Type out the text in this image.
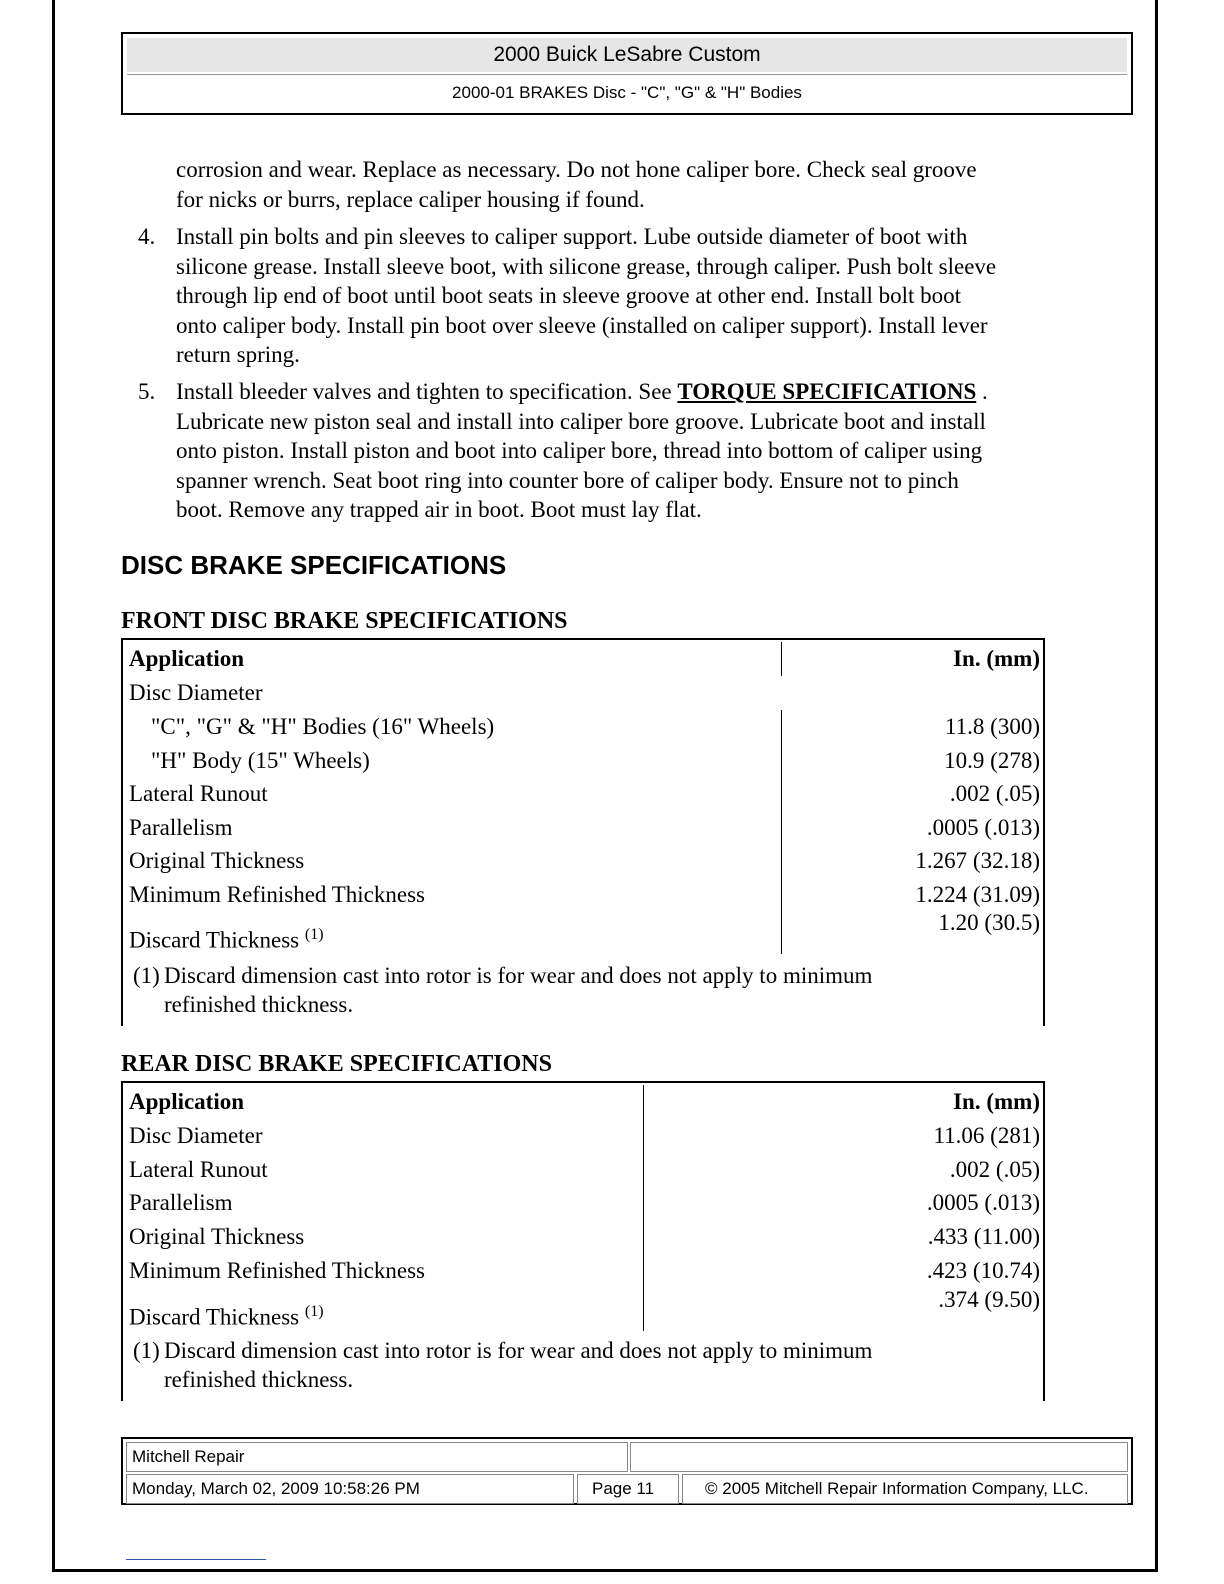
2000 Buick LeSabre Custom
2000-01 BRAKES Disc - "C", "G" & "H" Bodies
corrosion and wear. Replace as necessary. Do not hone caliper bore. Check seal groove
for nicks or burrs, replace caliper housing if found.
4. Install pin bolts and pin sleeves to caliper support. Lube outside diameter of boot with
silicone grease. Install sleeve boot, with silicone grease, through caliper. Push bolt sleeve
through lip end of boot until boot seats in sleeve groove at other end. Install bolt boot
onto caliper body. Install pin boot over sleeve (installed on caliper support). Install lever
return spring.
5. Install bleeder valves and tighten to specification. See TORQUE SPECIFICATIONS .
Lubricate new piston seal and install into caliper bore groove. Lubricate boot and install
onto piston. Install piston and boot into caliper bore, thread into bottom of caliper using
spanner wrench. Seat boot ring into counter bore of caliper body. Ensure not to pinch
boot. Remove any trapped air in boot. Boot must lay flat.
DISC BRAKE SPECIFICATIONS
FRONT DISC BRAKE SPECIFICATIONS
Application	In. (mm)
Disc Diameter
"C", "G" & "H" Bodies (16" Wheels)	11.8 (300)
"H" Body (15" Wheels)	10.9 (278)
Lateral Runout	.002 (.05)
Parallelism	.0005 (.013)
Original Thickness	1.267 (32.18)
Minimum Refinished Thickness	1.224 (31.09)
Discard Thickness $^{(1)}$	1.20 (30.5)
(1) Discard dimension cast into rotor is for wear and does not apply to minimum
refinished thickness.
REAR DISC BRAKE SPECIFICATIONS
Application	In. (mm)
Disc Diameter	11.06 (281)
Lateral Runout	.002 (.05)
Parallelism	.0005 (.013)
Original Thickness	.433 (11.00)
Minimum Refinished Thickness	.423 (10.74)
Discard Thickness $^{(1)}$	.374 (9.50)
(1) Discard dimension cast into rotor is for wear and does not apply to minimum
refinished thickness.
Mitchell Repair
Monday, March 02, 2009 10:58:26 PM	Page 11	© 2005 Mitchell Repair Information Company, LLC.
